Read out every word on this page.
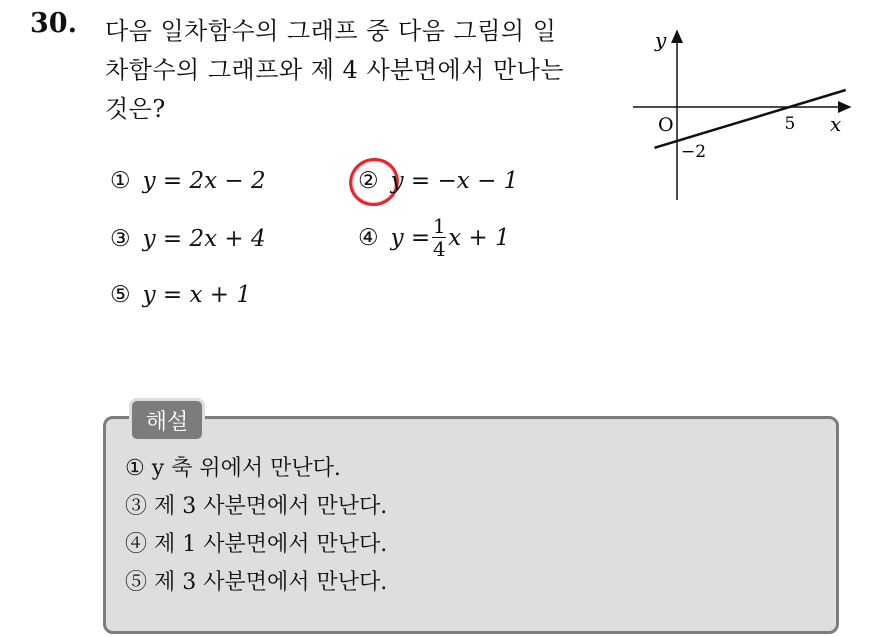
30. 다음 일차함수의 그래프 중 다음 그림의 일
차함수의 그래프와 제 4 사분면에서 만나는
것은?
① y = 2x − 2	② y = −x − 1
③ y = 2x + 4	④ $y = \frac{1}{4}$ x + 1
⑤ y = x + 1
y
x
O	5
−2
해설
① y 축 위에서 만난다.
③ 제 3 사분면에서 만난다.
④ 제 1 사분면에서 만난다.
⑤ 제 3 사분면에서 만난다.
